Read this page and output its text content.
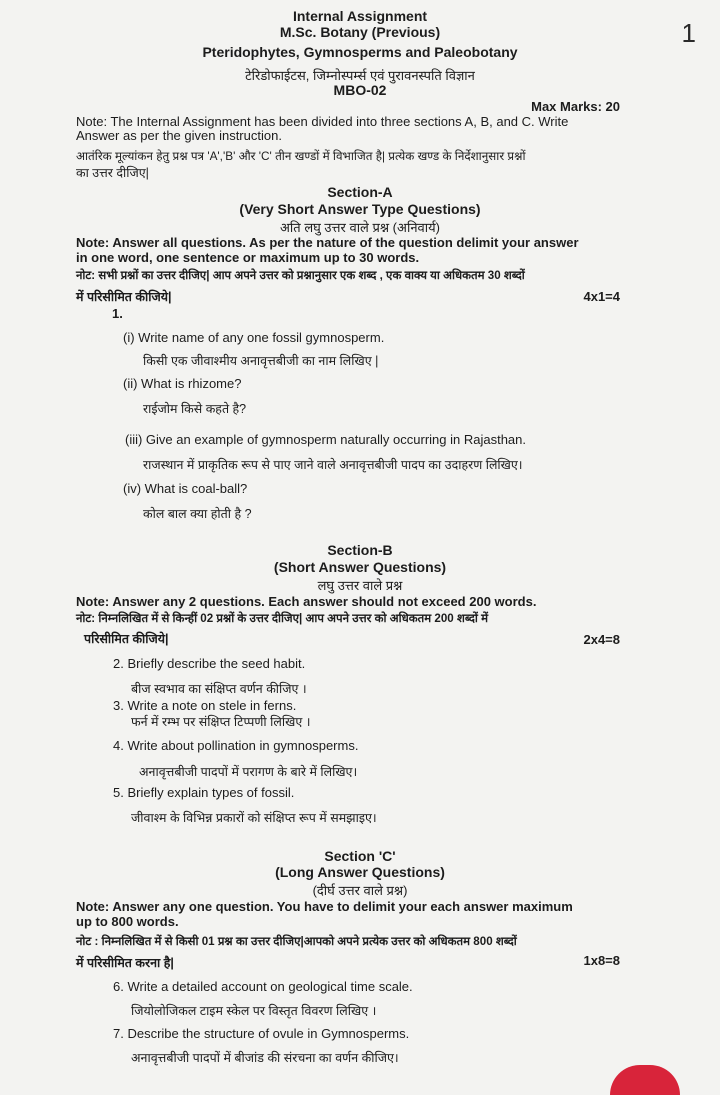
1
Internal Assignment
M.Sc. Botany (Previous)
Pteridophytes, Gymnosperms and Paleobotany
टेरिडोफाईटस, जिम्नोस्पर्म्स एवं पुरावनस्पति विज्ञान
MBO-02
Max Marks: 20
Note: The Internal Assignment has been divided into three sections A, B, and C. Write
Answer as per the given instruction.
आतंरिक मूल्यांकन हेतु प्रश्न पत्र 'A','B' और 'C' तीन खण्डों में विभाजित है| प्रत्येक खण्ड के निर्देशानुसार प्रश्नों
का उत्तर दीजिए|
Section-A
(Very Short Answer Type Questions)
अति लघु उत्तर वाले प्रश्न (अनिवार्य)
Note: Answer all questions. As per the nature of the question delimit your answer
in one word, one sentence or maximum up to 30 words.
नोट: सभी प्रश्नों का उत्तर दीजिए| आप अपने उत्तर को प्रश्नानुसार एक शब्द , एक वाक्य या अधिकतम 30 शब्दों
में परिसीमित कीजिये|	4x1=4
1.
(i) Write name of any one fossil gymnosperm.
किसी एक जीवाश्मीय अनावृत्तबीजी का नाम लिखिए |
(ii) What is rhizome?
राईजोम किसे कहते है?
(iii) Give an example of gymnosperm naturally occurring in Rajasthan.
राजस्थान में प्राकृतिक रूप से पाए जाने वाले अनावृत्तबीजी पादप का उदाहरण लिखिए।
(iv) What is coal-ball?
कोल बाल क्या होती है ?
Section-B
(Short Answer Questions)
लघु उत्तर वाले प्रश्न
Note: Answer any 2 questions. Each answer should not exceed 200 words.
नोट: निम्नलिखित में से किन्हीं 02 प्रश्नों के उत्तर दीजिए| आप अपने उत्तर को अधिकतम 200 शब्दों में
परिसीमित कीजिये|	2x4=8
2. Briefly describe the seed habit.
बीज स्वभाव का संक्षिप्त वर्णन कीजिए ।
3. Write a note on stele in ferns.
फर्न में रम्भ पर संक्षिप्त टिप्पणी लिखिए ।
4. Write about pollination in gymnosperms.
अनावृत्तबीजी पादपों में परागण के बारे में लिखिए।
5. Briefly explain types of fossil.
जीवाश्म के विभिन्न प्रकारों को संक्षिप्त रूप में समझाइए।
Section 'C'
(Long Answer Questions)
(दीर्घ उत्तर वाले प्रश्न)
Note: Answer any one question. You have to delimit your each answer maximum
up to 800 words.
नोट : निम्नलिखित में से किसी 01 प्रश्न का उत्तर दीजिए|आपको अपने प्रत्येक उत्तर को अधिकतम 800 शब्दों
में परिसीमित करना है|	1x8=8
6. Write a detailed account on geological time scale.
जियोलोजिकल टाइम स्केल पर विस्तृत विवरण लिखिए ।
7. Describe the structure of ovule in Gymnosperms.
अनावृत्तबीजी पादपों में बीजांड की संरचना का वर्णन कीजिए।
